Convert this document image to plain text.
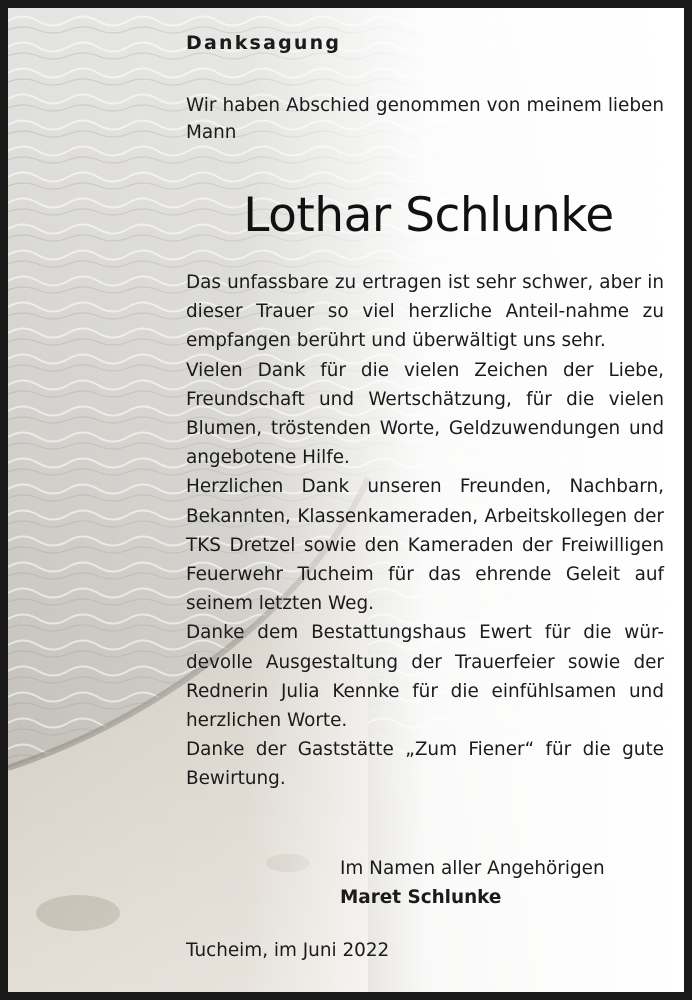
Danksagung
Wir haben Abschied genommen von meinem lieben Mann
Lothar Schlunke

Das unfassbare zu ertragen ist sehr schwer, aber in dieser Trauer so viel herzliche Anteil-nahme zu empfangen berührt und überwältigt uns sehr.

Vielen Dank für die vielen Zeichen der Liebe, Freundschaft und Wertschätzung, für die vielen Blumen, tröstenden Worte, Geldzuwendungen und angebotene Hilfe.

Herzlichen Dank unseren Freunden, Nachbarn, Bekannten, Klassenkameraden, Arbeitskollegen der TKS Dretzel sowie den Kameraden der Freiwilligen Feuerwehr Tucheim für das ehrende Geleit auf seinem letzten Weg.

Danke dem Bestattungshaus Ewert für die wür-devolle Ausgestaltung der Trauerfeier sowie der Rednerin Julia Kennke für die einfühlsamen und herzlichen Worte.

Danke der Gaststätte „Zum Fiener“ für die gute Bewirtung.

Im Namen aller Angehörigen
Maret Schlunke
Tucheim, im Juni 2022
